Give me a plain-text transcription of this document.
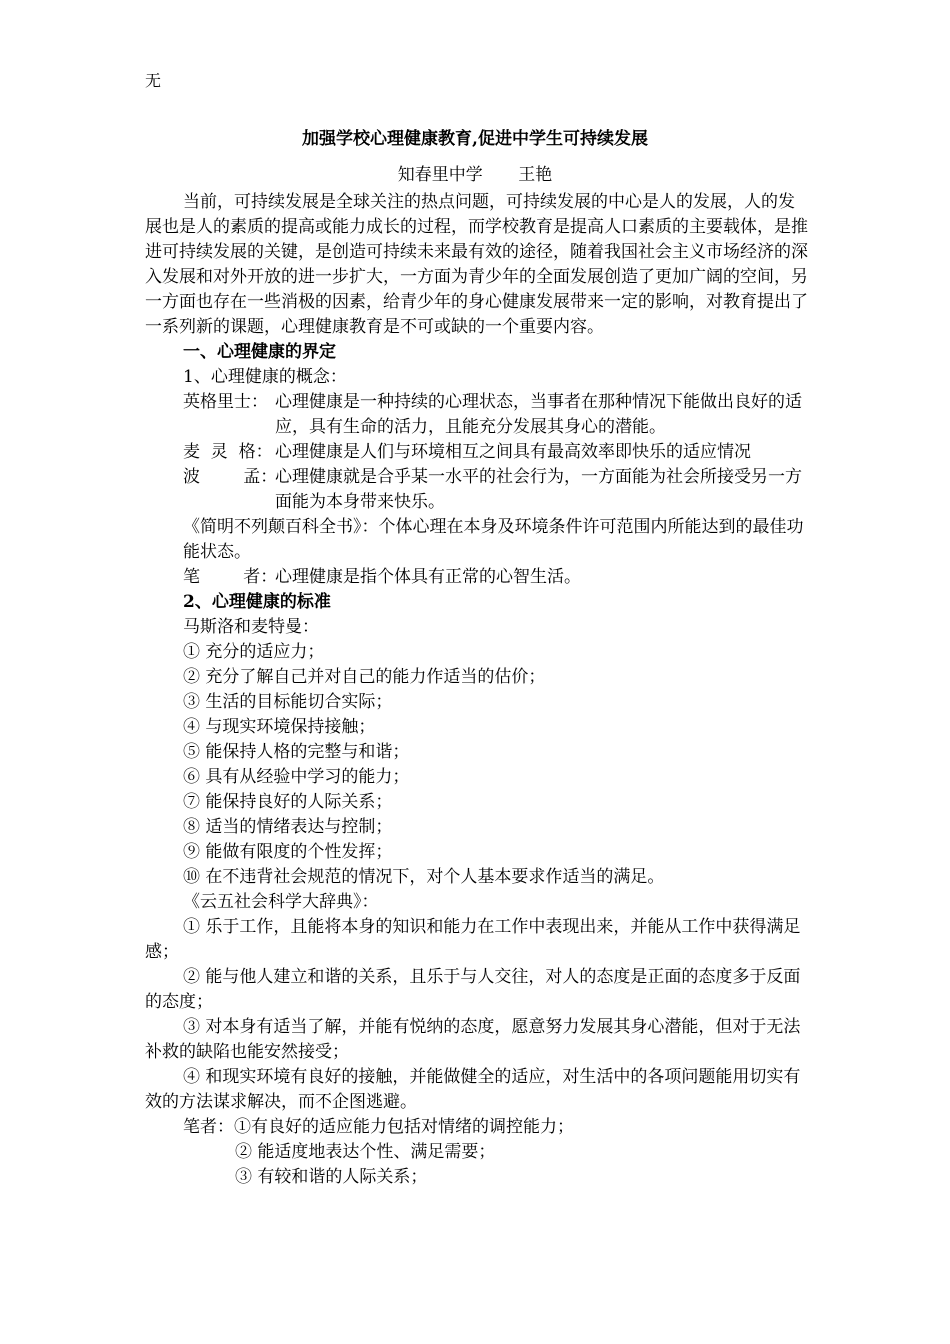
无
加强学校心理健康教育,促进中学生可持续发展
知春里中学 王艳

当前，可持续发展是全球关注的热点问题，可持续发展的中心是人的发展，人的发展也是人的素质的提高或能力成长的过程，而学校教育是提高人口素质的主要载体，是推进可持续发展的关键，是创造可持续未来最有效的途径，随着我国社会主义市场经济的深入发展和对外开放的进一步扩大，一方面为青少年的全面发展创造了更加广阔的空间，另一方面也存在一些消极的因素，给青少年的身心健康发展带来一定的影响，对教育提出了一系列新的课题，心理健康教育是不可或缺的一个重要内容。

一、心理健康的界定

1、心理健康的概念：

英格里士： 心理健康是一种持续的心理状态，当事者在那种情况下能做出良好的适应，具有生命的活力，且能充分发展其身心的潜能。
麦  灵  格： 心理健康是人们与环境相互之间具有最高效率即快乐的适应情况
波        孟：
心理健康就是合乎某一水平的社会行为，一方面能为社会所接受另一方面能为本身带来快乐。
《简明不列颠百科全书》：个体心理在本身及环境条件许可范围内所能达到的最佳功能状态。
笔        者：
心理健康是指个体具有正常的心智生活。

2、心理健康的标准

马斯洛和麦特曼：

① 充分的适应力；

② 充分了解自己并对自己的能力作适当的估价；

③ 生活的目标能切合实际；

④ 与现实环境保持接触；

⑤ 能保持人格的完整与和谐；

⑥ 具有从经验中学习的能力；

⑦ 能保持良好的人际关系；

⑧ 适当的情绪表达与控制；

⑨ 能做有限度的个性发挥；

⑩ 在不违背社会规范的情况下，对个人基本要求作适当的满足。

《云五社会科学大辞典》：

① 乐于工作，且能将本身的知识和能力在工作中表现出来，并能从工作中获得满足感；

② 能与他人建立和谐的关系，且乐于与人交往，对人的态度是正面的态度多于反面的态度；

③ 对本身有适当了解，并能有悦纳的态度，愿意努力发展其身心潜能，但对于无法补救的缺陷也能安然接受；

④ 和现实环境有良好的接触，并能做健全的适应，对生活中的各项问题能用切实有效的方法谋求解决，而不企图逃避。

笔者：①有良好的适应能力包括对情绪的调控能力；

② 能适度地表达个性、满足需要；

③ 有较和谐的人际关系；
